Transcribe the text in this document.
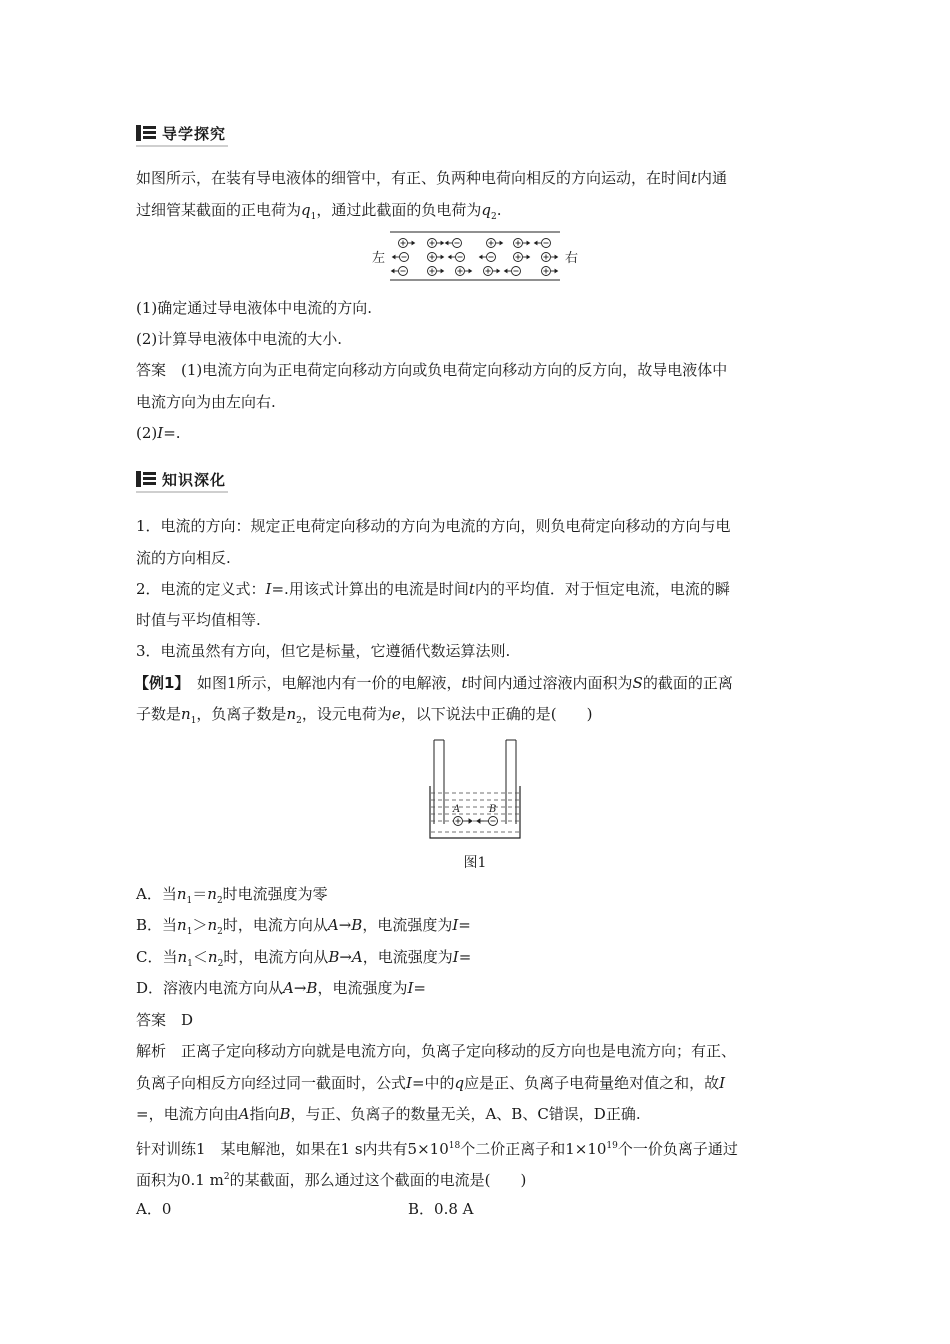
导学探究
如图所示，在装有导电液体的细管中，有正、负两种电荷向相反的方向运动，在时间t内通
过细管某截面的正电荷为$q_1$，通过此截面的负电荷为$q_2$.
左	右
(1)确定通过导电液体中电流的方向.
(2)计算导电液体中电流的大小.
答案　(1)电流方向为正电荷定向移动方向或负电荷定向移动方向的反方向，故导电液体中
电流方向为由左向右.
(2)I=.
知识深化
1．电流的方向：规定正电荷定向移动的方向为电流的方向，则负电荷定向移动的方向与电
流的方向相反.
2．电流的定义式：I=.用该式计算出的电流是时间t内的平均值．对于恒定电流，电流的瞬
时值与平均值相等.
3．电流虽然有方向，但它是标量，它遵循代数运算法则.
【例1】　如图1所示，电解池内有一价的电解液，t时间内通过溶液内面积为S的截面的正离
子数是$n_1$，负离子数是$n_2$，设元电荷为e，以下说法中正确的是(　　)
A	B
图1
A．当$n_1=n_2$时电流强度为零
B．当$n_1>n_2$时，电流方向从A→B，电流强度为I=
C．当$n_1<n_2$时，电流方向从B→A，电流强度为I=
D．溶液内电流方向从A→B，电流强度为I=
答案　D
解析　正离子定向移动方向就是电流方向，负离子定向移动的反方向也是电流方向；有正、
负离子向相反方向经过同一截面时，公式I=中的q应是正、负离子电荷量绝对值之和，故I
=，电流方向由A指向B，与正、负离子的数量无关，A、B、C错误，D正确.
针对训练1　某电解池，如果在1 s内共有$5\times 10^{18}$个二价正离子和$1\times 10^{19}$个一价负离子通过
面积为0.1 $m^2$的某截面，那么通过这个截面的电流是(　　)
A．0	B．0.8 A
